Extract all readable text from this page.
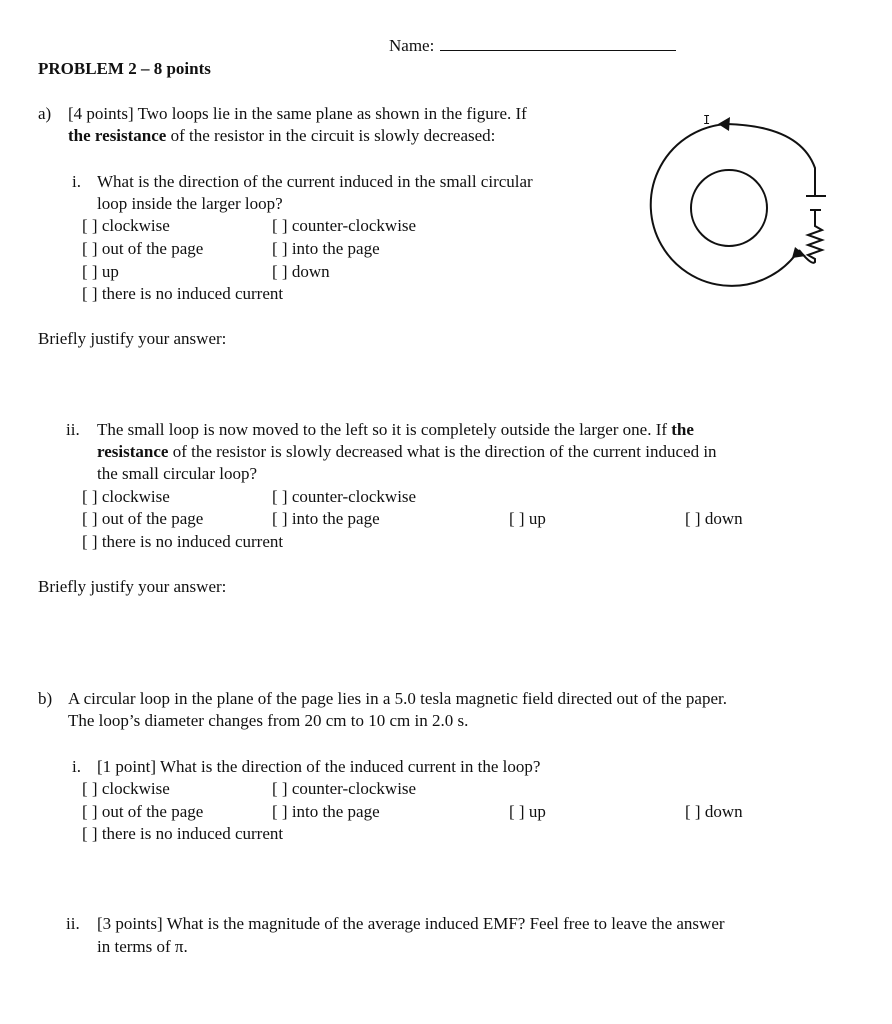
Name:
PROBLEM 2 – 8 points
a) [4 points] Two loops lie in the same plane as shown in the figure. If
the resistance of the resistor in the circuit is slowly decreased:
i. What is the direction of the current induced in the small circular
loop inside the larger loop?
[ ] clockwise	[ ] counter-clockwise
[ ] out of the page	[ ] into the page
[ ] up	[ ] down
[ ] there is no induced current
Briefly justify your answer:
ii. The small loop is now moved to the left so it is completely outside the larger one. If the
resistance of the resistor is slowly decreased what is the direction of the current induced in
the small circular loop?
[ ] clockwise	[ ] counter-clockwise
[ ] out of the page	[ ] into the page	[ ] up	[ ] down
[ ] there is no induced current
Briefly justify your answer:
b) A circular loop in the plane of the page lies in a 5.0 tesla magnetic field directed out of the paper.
The loop’s diameter changes from 20 cm to 10 cm in 2.0 s.
i. [1 point] What is the direction of the induced current in the loop?
[ ] clockwise	[ ] counter-clockwise
[ ] out of the page	[ ] into the page	[ ] up	[ ] down
[ ] there is no induced current
ii. [3 points] What is the magnitude of the average induced EMF? Feel free to leave the answer
in terms of π.
I
